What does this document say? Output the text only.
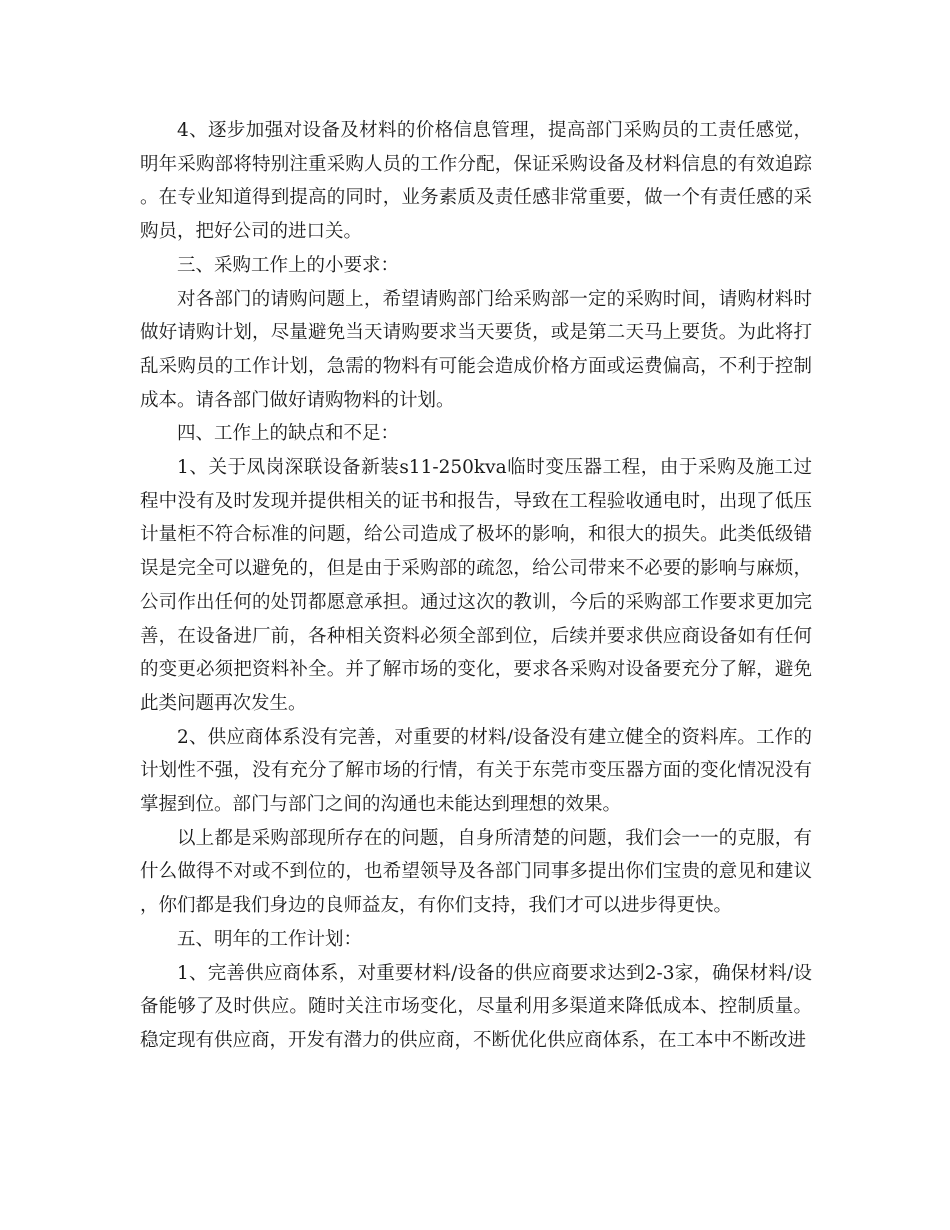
4、逐步加强对设备及材料的价格信息管理，提高部门采购员的工责任感觉，明年采购部将特别注重采购人员的工作分配，保证采购设备及材料信息的有效追踪。在专业知道得到提高的同时，业务素质及责任感非常重要，做一个有责任感的采购员，把好公司的进口关。

三、采购工作上的小要求：

对各部门的请购问题上，希望请购部门给采购部一定的采购时间，请购材料时做好请购计划，尽量避免当天请购要求当天要货，或是第二天马上要货。为此将打乱采购员的工作计划，急需的物料有可能会造成价格方面或运费偏高，不利于控制成本。请各部门做好请购物料的计划。

四、工作上的缺点和不足：

1、关于凤岗深联设备新装s11-250kva临时变压器工程，由于采购及施工过程中没有及时发现并提供相关的证书和报告，导致在工程验收通电时，出现了低压计量柜不符合标准的问题，给公司造成了极坏的影响，和很大的损失。此类低级错误是完全可以避免的，但是由于采购部的疏忽，给公司带来不必要的影响与麻烦，公司作出任何的处罚都愿意承担。通过这次的教训，今后的采购部工作要求更加完善，在设备进厂前，各种相关资料必须全部到位，后续并要求供应商设备如有任何的变更必须把资料补全。并了解市场的变化，要求各采购对设备要充分了解，避免此类问题再次发生。

2、供应商体系没有完善，对重要的材料/设备没有建立健全的资料库。工作的计划性不强，没有充分了解市场的行情，有关于东莞市变压器方面的变化情况没有掌握到位。部门与部门之间的沟通也未能达到理想的效果。

以上都是采购部现所存在的问题，自身所清楚的问题，我们会一一的克服，有什么做得不对或不到位的，也希望领导及各部门同事多提出你们宝贵的意见和建议，你们都是我们身边的良师益友，有你们支持，我们才可以进步得更快。

五、明年的工作计划：

1、完善供应商体系，对重要材料/设备的供应商要求达到2-3家，确保材料/设备能够了及时供应。随时关注市场变化，尽量利用多渠道来降低成本、控制质量。稳定现有供应商，开发有潜力的供应商，不断优化供应商体系，在工本中不断改进
